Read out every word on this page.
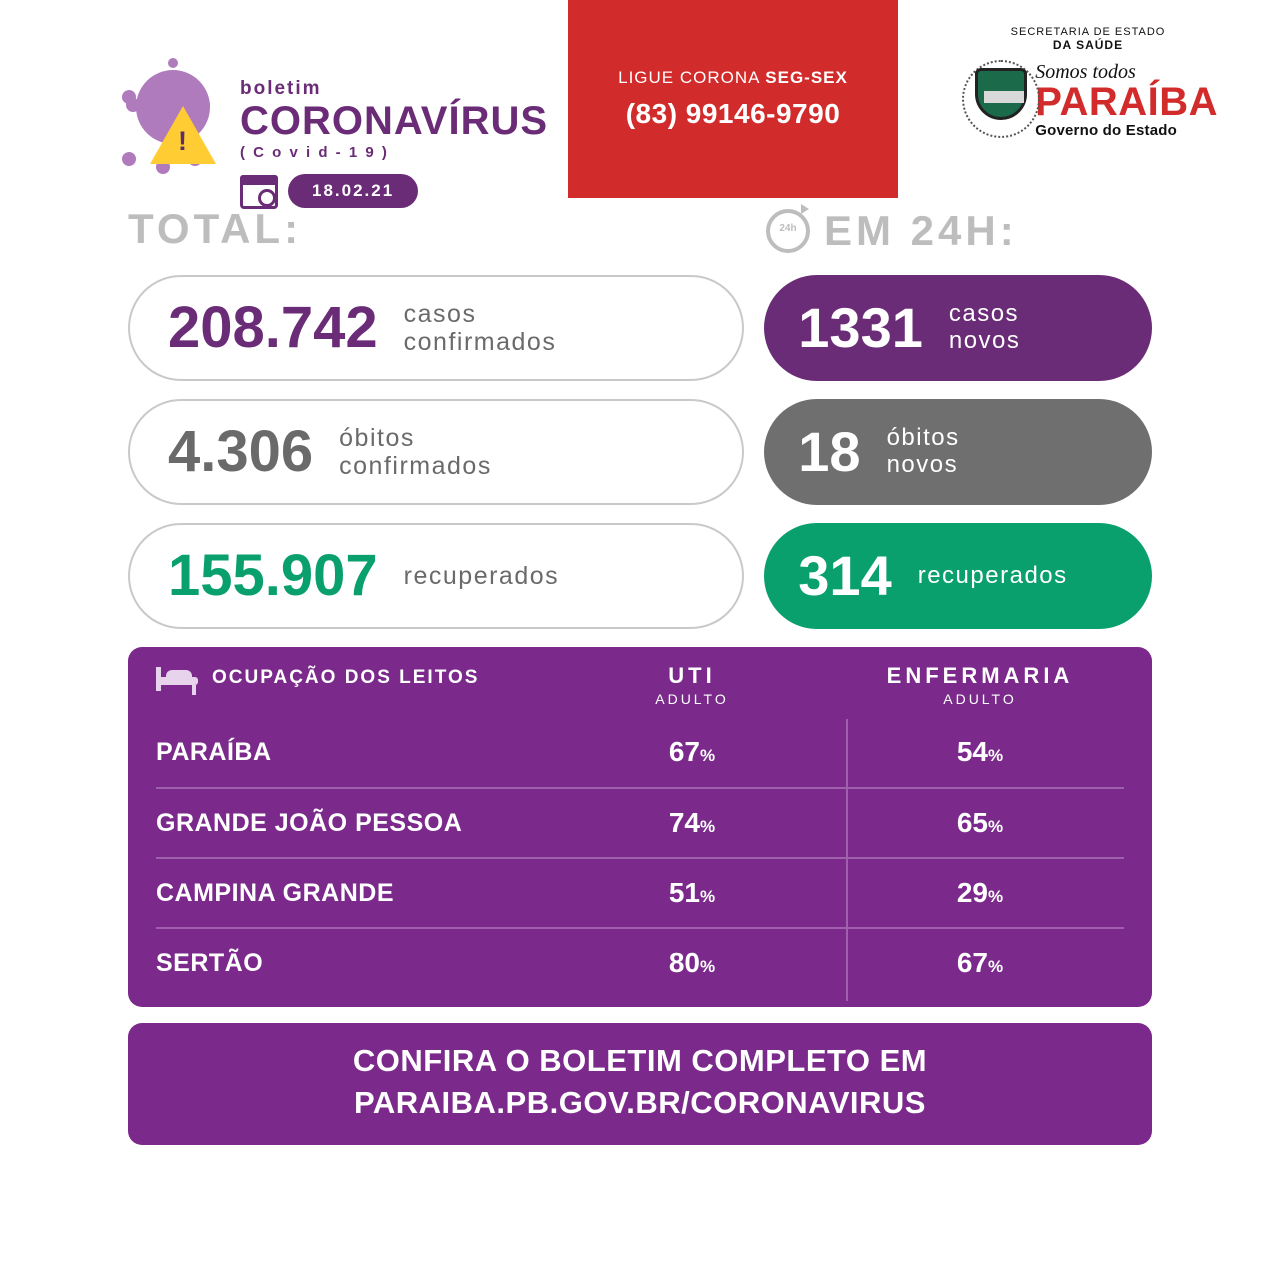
!
boletim
CORONAVÍRUS
( C o v i d - 1 9 )
18.02.21
LIGUE CORONA SEG-SEX
(83) 99146-9790
SECRETARIA DE ESTADO
DA SAÚDE
Somos todos
PARAÍBA
Governo do Estado
TOTAL:	24h EM 24H:
208.742 casos
confirmados	1331 casos
novos
4.306 óbitos
confirmados	18 óbitos
novos
155.907 recuperados	314 recuperados
OCUPAÇÃO DOS LEITOS	UTI
ADULTO
ENFERMARIA
ADULTO
PARAÍBA	67%	54%
GRANDE JOÃO PESSOA	74%	65%
CAMPINA GRANDE	51%	29%
SERTÃO	80%	67%
CONFIRA O BOLETIM COMPLETO EM
PARAIBA.PB.GOV.BR/CORONAVIRUS
